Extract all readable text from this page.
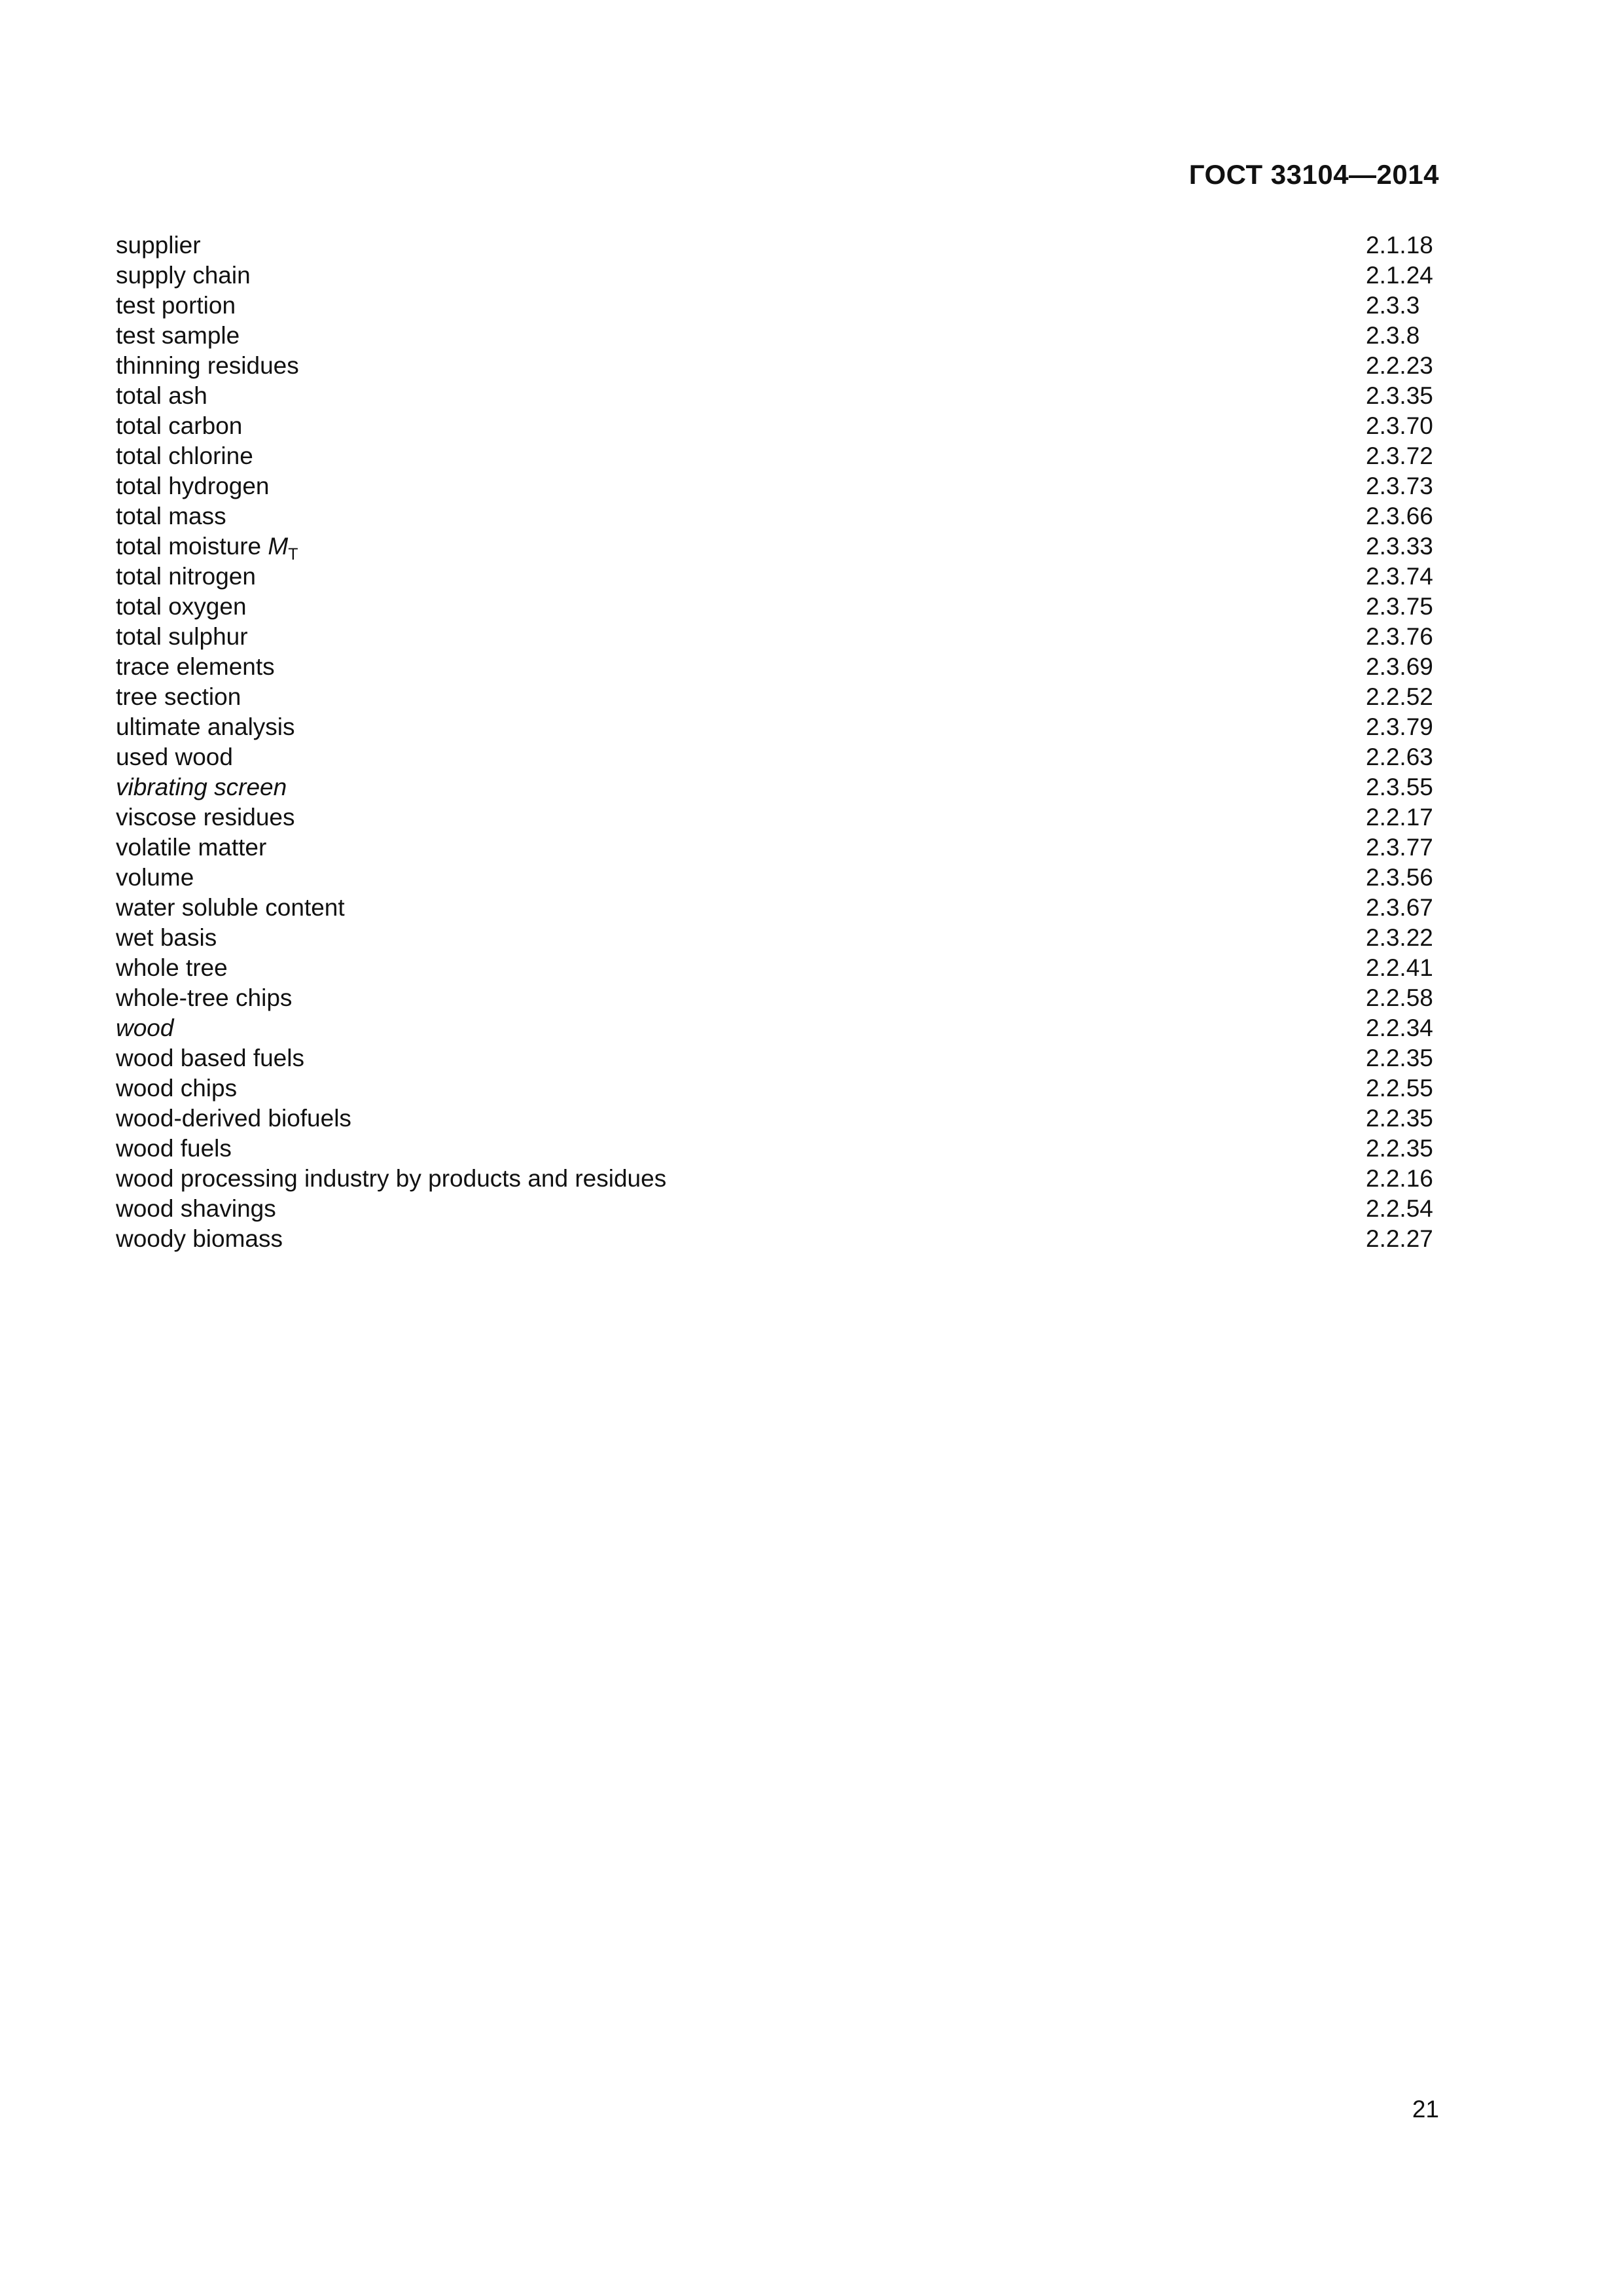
ГОСТ 33104—2014
supplier	2.1.18
supply chain	2.1.24
test portion	2.3.3
test sample	2.3.8
thinning residues	2.2.23
total ash	2.3.35
total carbon	2.3.70
total chlorine	2.3.72
total hydrogen	2.3.73
total mass	2.3.66
total moisture $M_T$	2.3.33
total nitrogen	2.3.74
total oxygen	2.3.75
total sulphur	2.3.76
trace elements	2.3.69
tree section	2.2.52
ultimate analysis	2.3.79
used wood	2.2.63
vibrating screen	2.3.55
viscose residues	2.2.17
volatile matter	2.3.77
volume	2.3.56
water soluble content	2.3.67
wet basis	2.3.22
whole tree	2.2.41
whole-tree chips	2.2.58
wood	2.2.34
wood based fuels	2.2.35
wood chips	2.2.55
wood-derived biofuels	2.2.35
wood fuels	2.2.35
wood processing industry by products and residues	2.2.16
wood shavings	2.2.54
woody biomass	2.2.27
21
